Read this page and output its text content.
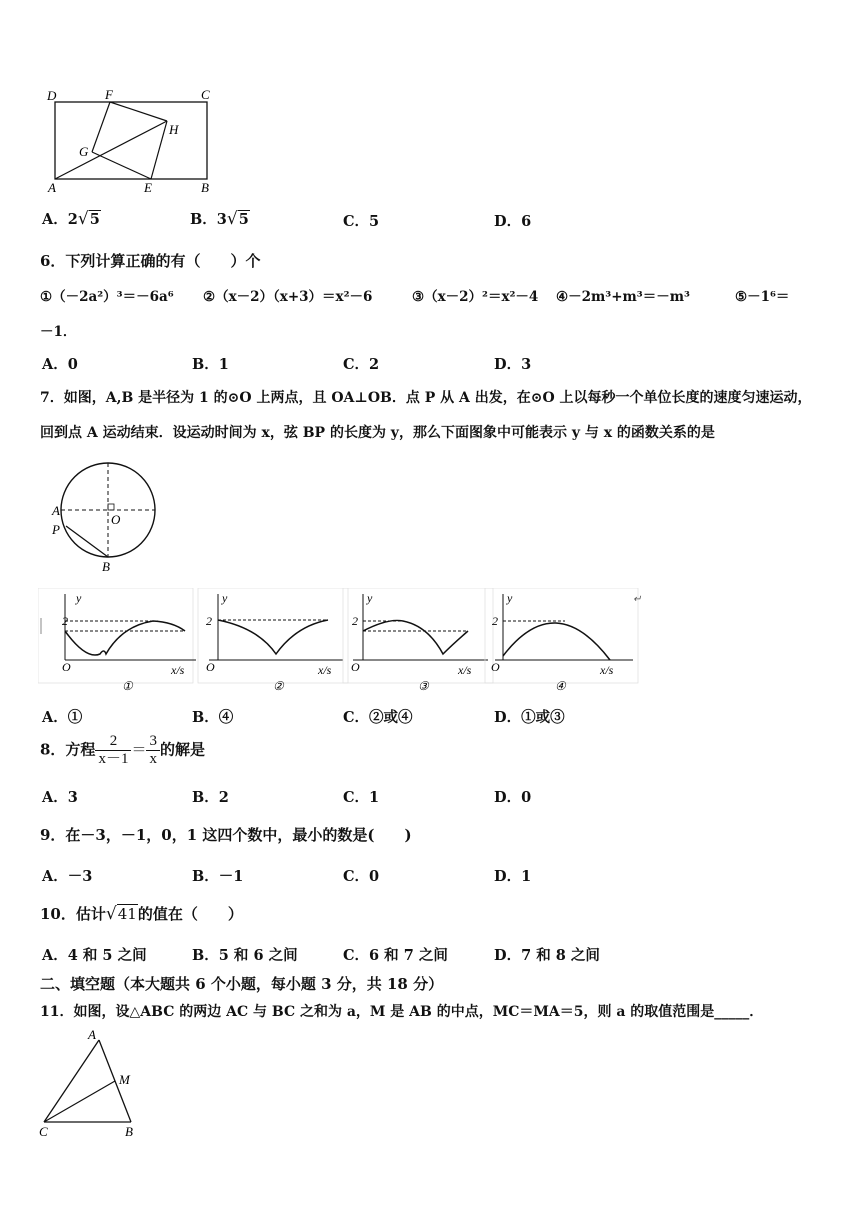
D	F	C
G
H
A	E	B
A．2√5	B．3√5	C．5	D．6
6．下列计算正确的有（　　）个
①（－2a²）³＝－6a⁶ ②（x－2）（x+3）＝x²－6	③（x－2）²＝x²－4 ④－2m³+m³＝－m³	⑤－1⁶＝
－1．
A．0	B．1	C．2	D．3
7．如图，A,B 是半径为 1 的⊙O 上两点，且 OA⊥OB．点 P 从 A 出发，在⊙O 上以每秒一个单位长度的速度匀速运动，
回到点 A 运动结束．设运动时间为 x，弦 BP 的长度为 y，那么下面图象中可能表示 y 与 x 的函数关系的是
A
P
O
B
y
2
O	x/s
①
y
2
O	x/s
②
y
2
O	x/s
③
y
2
O	x/s
④
↵
A．①	B．④	C．②或④	D．①或③
8．方程 $\frac{2}{x-1} = \frac{3}{x}$ 的解是
A．3	B．2	C．1	D．0
9．在－3，－1，0，1 这四个数中，最小的数是(　　)
A．－3	B．－1	C．0	D．1
10．估计√41的值在（　　）
A．4 和 5 之间	B．5 和 6 之间	C．6 和 7 之间	D．7 和 8 之间
二、填空题（本大题共 6 个小题，每小题 3 分，共 18 分）
11．如图，设△ABC 的两边 AC 与 BC 之和为 a，M 是 AB 的中点，MC＝MA＝5，则 a 的取值范围是_____．
A
M
C	B
